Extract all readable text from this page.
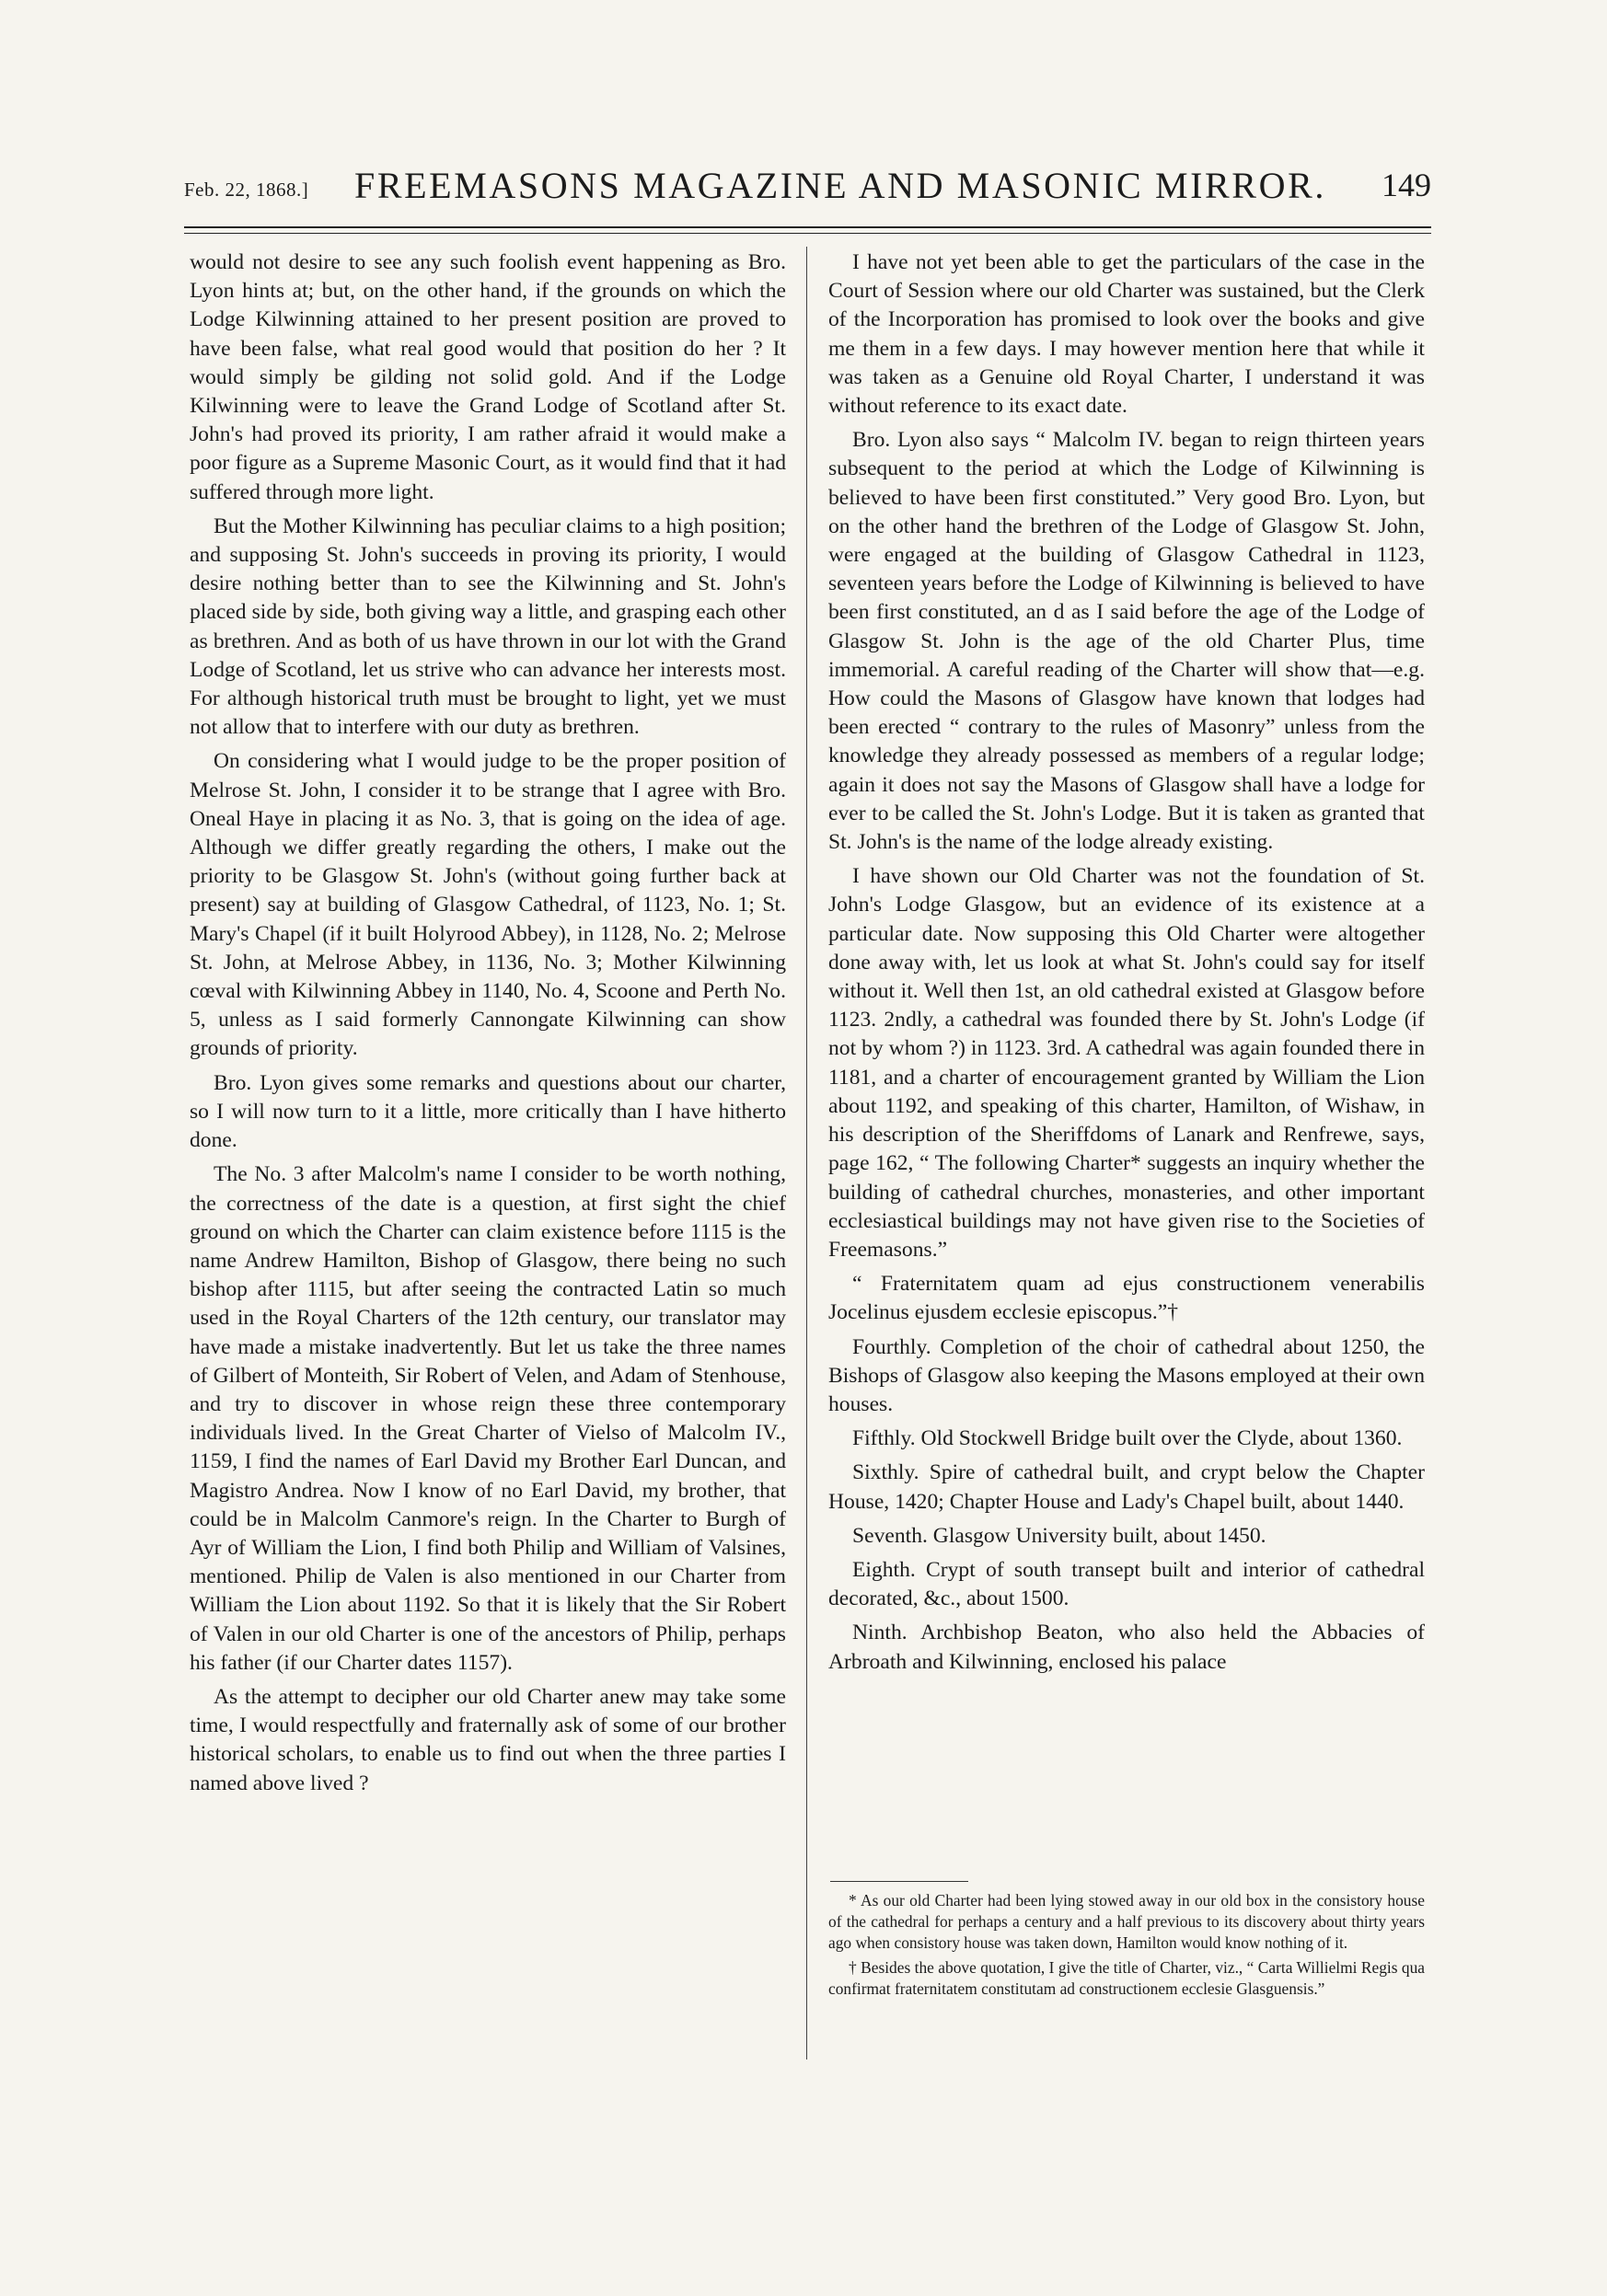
Feb. 22, 1868.] FREEMASONS MAGAZINE AND MASONIC MIRROR. 149

would not desire to see any such foolish event happening as Bro. Lyon hints at; but, on the other hand, if the grounds on which the Lodge Kilwinning attained to her present position are proved to have been false, what real good would that position do her ? It would simply be gilding not solid gold. And if the Lodge Kilwinning were to leave the Grand Lodge of Scotland after St. John's had proved its priority, I am rather afraid it would make a poor figure as a Supreme Masonic Court, as it would find that it had suffered through more light.

But the Mother Kilwinning has peculiar claims to a high position; and supposing St. John's succeeds in proving its priority, I would desire nothing better than to see the Kilwinning and St. John's placed side by side, both giving way a little, and grasping each other as brethren. And as both of us have thrown in our lot with the Grand Lodge of Scotland, let us strive who can advance her interests most. For although historical truth must be brought to light, yet we must not allow that to interfere with our duty as brethren.

On considering what I would judge to be the proper position of Melrose St. John, I consider it to be strange that I agree with Bro. Oneal Haye in placing it as No. 3, that is going on the idea of age. Although we differ greatly regarding the others, I make out the priority to be Glasgow St. John's (without going further back at present) say at building of Glasgow Cathedral, of 1123, No. 1; St. Mary's Chapel (if it built Holyrood Abbey), in 1128, No. 2; Melrose St. John, at Melrose Abbey, in 1136, No. 3; Mother Kilwinning cœval with Kilwinning Abbey in 1140, No. 4, Scoone and Perth No. 5, unless as I said formerly Cannongate Kilwinning can show grounds of priority.

Bro. Lyon gives some remarks and questions about our charter, so I will now turn to it a little, more critically than I have hitherto done.

The No. 3 after Malcolm's name I consider to be worth nothing, the correctness of the date is a question, at first sight the chief ground on which the Charter can claim existence before 1115 is the name Andrew Hamilton, Bishop of Glasgow, there being no such bishop after 1115, but after seeing the contracted Latin so much used in the Royal Charters of the 12th century, our translator may have made a mistake inadvertently. But let us take the three names of Gilbert of Monteith, Sir Robert of Velen, and Adam of Stenhouse, and try to discover in whose reign these three contemporary individuals lived. In the Great Charter of Vielso of Malcolm IV., 1159, I find the names of Earl David my Brother Earl Duncan, and Magistro Andrea. Now I know of no Earl David, my brother, that could be in Malcolm Canmore's reign. In the Charter to Burgh of Ayr of William the Lion, I find both Philip and William of Valsines, mentioned. Philip de Valen is also mentioned in our Charter from William the Lion about 1192. So that it is likely that the Sir Robert of Valen in our old Charter is one of the ancestors of Philip, perhaps his father (if our Charter dates 1157).

As the attempt to decipher our old Charter anew may take some time, I would respectfully and fraternally ask of some of our brother historical scholars, to enable us to find out when the three parties I named above lived ?

I have not yet been able to get the particulars of the case in the Court of Session where our old Charter was sustained, but the Clerk of the Incorporation has promised to look over the books and give me them in a few days. I may however mention here that while it was taken as a Genuine old Royal Charter, I understand it was without reference to its exact date.

Bro. Lyon also says “ Malcolm IV. began to reign thirteen years subsequent to the period at which the Lodge of Kilwinning is believed to have been first constituted.” Very good Bro. Lyon, but on the other hand the brethren of the Lodge of Glasgow St. John, were engaged at the building of Glasgow Cathedral in 1123, seventeen years before the Lodge of Kilwinning is believed to have been first constituted, an d as I said before the age of the Lodge of Glasgow St. John is the age of the old Charter Plus, time immemorial. A careful reading of the Charter will show that—e.g. How could the Masons of Glasgow have known that lodges had been erected “ contrary to the rules of Masonry” unless from the knowledge they already possessed as members of a regular lodge; again it does not say the Masons of Glasgow shall have a lodge for ever to be called the St. John's Lodge. But it is taken as granted that St. John's is the name of the lodge already existing.

I have shown our Old Charter was not the foundation of St. John's Lodge Glasgow, but an evidence of its existence at a particular date. Now supposing this Old Charter were altogether done away with, let us look at what St. John's could say for itself without it. Well then 1st, an old cathedral existed at Glasgow before 1123. 2ndly, a cathedral was founded there by St. John's Lodge (if not by whom ?) in 1123. 3rd. A cathedral was again founded there in 1181, and a charter of encouragement granted by William the Lion about 1192, and speaking of this charter, Hamilton, of Wishaw, in his description of the Sheriffdoms of Lanark and Renfrewe, says, page 162, “ The following Charter* suggests an inquiry whether the building of cathedral churches, monasteries, and other important ecclesiastical buildings may not have given rise to the Societies of Freemasons.”

“ Fraternitatem quam ad ejus constructionem venerabilis Jocelinus ejusdem ecclesie episcopus.”†

Fourthly. Completion of the choir of cathedral about 1250, the Bishops of Glasgow also keeping the Masons employed at their own houses.

Fifthly. Old Stockwell Bridge built over the Clyde, about 1360.

Sixthly. Spire of cathedral built, and crypt below the Chapter House, 1420; Chapter House and Lady's Chapel built, about 1440.

Seventh. Glasgow University built, about 1450.

Eighth. Crypt of south transept built and interior of cathedral decorated, &c., about 1500.

Ninth. Archbishop Beaton, who also held the Abbacies of Arbroath and Kilwinning, enclosed his palace

* As our old Charter had been lying stowed away in our old box in the consistory house of the cathedral for perhaps a century and a half previous to its discovery about thirty years ago when consistory house was taken down, Hamilton would know nothing of it.

† Besides the above quotation, I give the title of Charter, viz., “ Carta Willielmi Regis qua confirmat fraternitatem constitutam ad constructionem ecclesie Glasguensis.”
